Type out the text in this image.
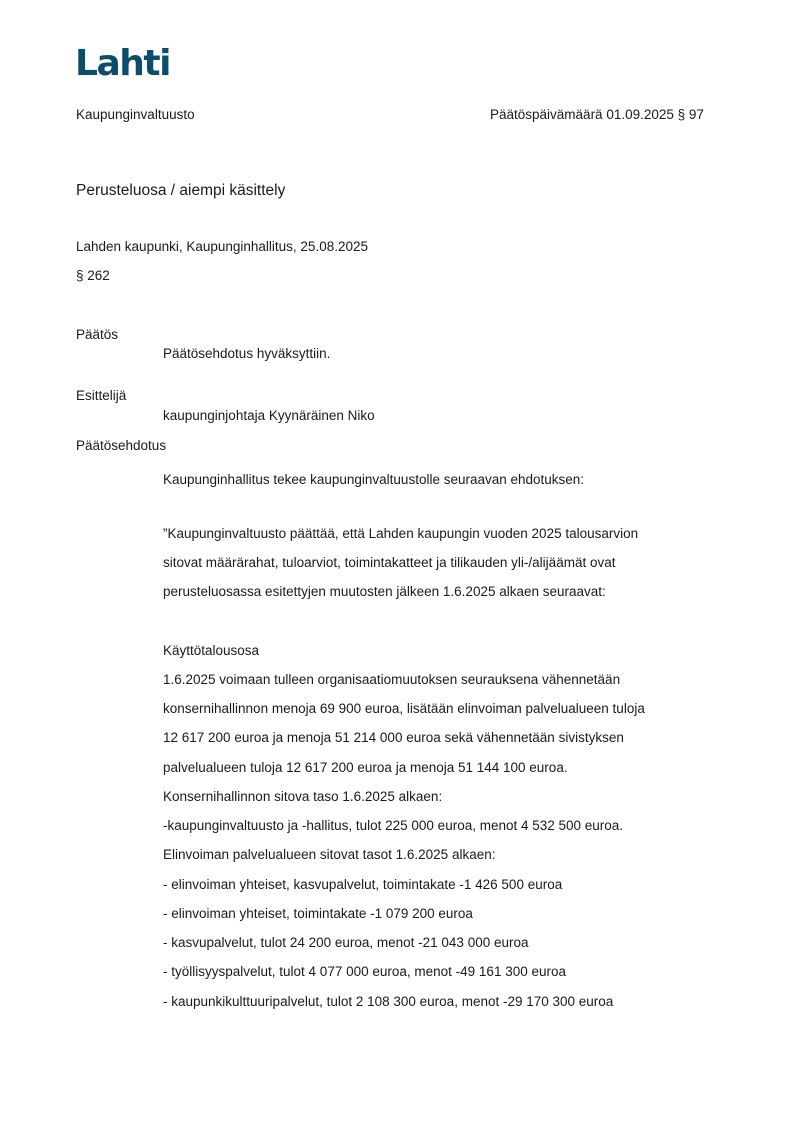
Lahti
Kaupunginvaltuusto	Päätöspäivämäärä 01.09.2025 § 97
Perusteluosa / aiempi käsittely
Lahden kaupunki, Kaupunginhallitus, 25.08.2025
§ 262
Päätös
Päätösehdotus hyväksyttiin.
Esittelijä
kaupunginjohtaja Kyynäräinen Niko
Päätösehdotus
Kaupunginhallitus tekee kaupunginvaltuustolle seuraavan ehdotuksen:
”Kaupunginvaltuusto päättää, että Lahden kaupungin vuoden 2025 talousarvion
sitovat määrärahat, tuloarviot, toimintakatteet ja tilikauden yli-/alijäämät ovat
perusteluosassa esitettyjen muutosten jälkeen 1.6.2025 alkaen seuraavat:
Käyttötalousosa
1.6.2025 voimaan tulleen organisaatiomuutoksen seurauksena vähennetään
konsernihallinnon menoja 69 900 euroa, lisätään elinvoiman palvelualueen tuloja
12 617 200 euroa ja menoja 51 214 000 euroa sekä vähennetään sivistyksen
palvelualueen tuloja 12 617 200 euroa ja menoja 51 144 100 euroa.
Konsernihallinnon sitova taso 1.6.2025 alkaen:
-kaupunginvaltuusto ja -hallitus, tulot 225 000 euroa, menot 4 532 500 euroa.
Elinvoiman palvelualueen sitovat tasot 1.6.2025 alkaen:
- elinvoiman yhteiset, kasvupalvelut, toimintakate -1 426 500 euroa
- elinvoiman yhteiset, toimintakate -1 079 200 euroa
- kasvupalvelut, tulot 24 200 euroa, menot -21 043 000 euroa
- työllisyyspalvelut, tulot 4 077 000 euroa, menot -49 161 300 euroa
- kaupunkikulttuuripalvelut, tulot 2 108 300 euroa, menot -29 170 300 euroa
